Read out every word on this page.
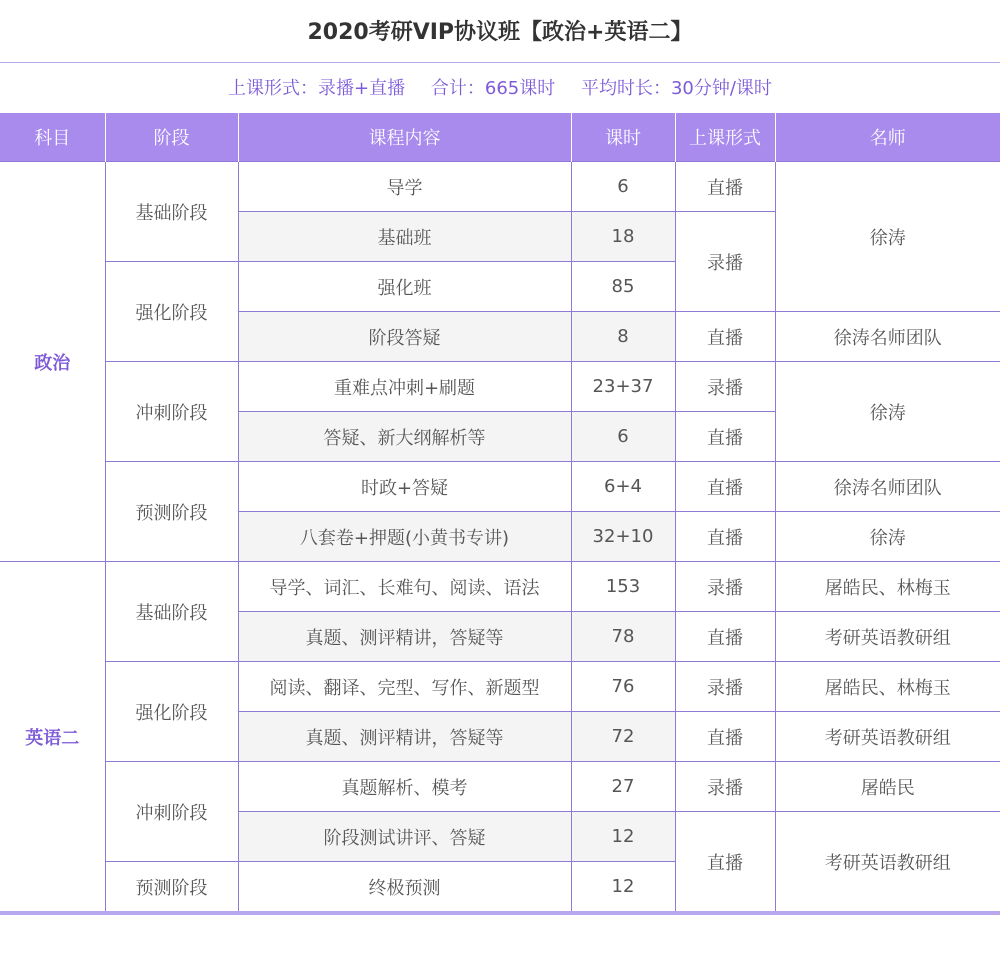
2020考研VIP协议班【政治+英语二】
上课形式：录播+直播 合计：665课时 平均时长：30分钟/课时
科目	阶段	课程内容	课时	上课形式	名师
政治	基础阶段	导学	6	直播	徐涛
		基础班	18	录播	
	强化阶段	强化班	85		
		阶段答疑	8	直播	徐涛名师团队
	冲刺阶段	重难点冲刺+刷题	23+37	录播	徐涛
		答疑、新大纲解析等	6	直播	
	预测阶段	时政+答疑	6+4	直播	徐涛名师团队
		八套卷+押题(小黄书专讲)	32+10	直播	徐涛
英语二	基础阶段	导学、词汇、长难句、阅读、语法	153	录播	屠皓民、林梅玉
		真题、测评精讲，答疑等	78	直播	考研英语教研组
	强化阶段	阅读、翻译、完型、写作、新题型	76	录播	屠皓民、林梅玉
		真题、测评精讲，答疑等	72	直播	考研英语教研组
	冲刺阶段	真题解析、模考	27	录播	屠皓民
		阶段测试讲评、答疑	12	直播	考研英语教研组
	预测阶段	终极预测	12		
